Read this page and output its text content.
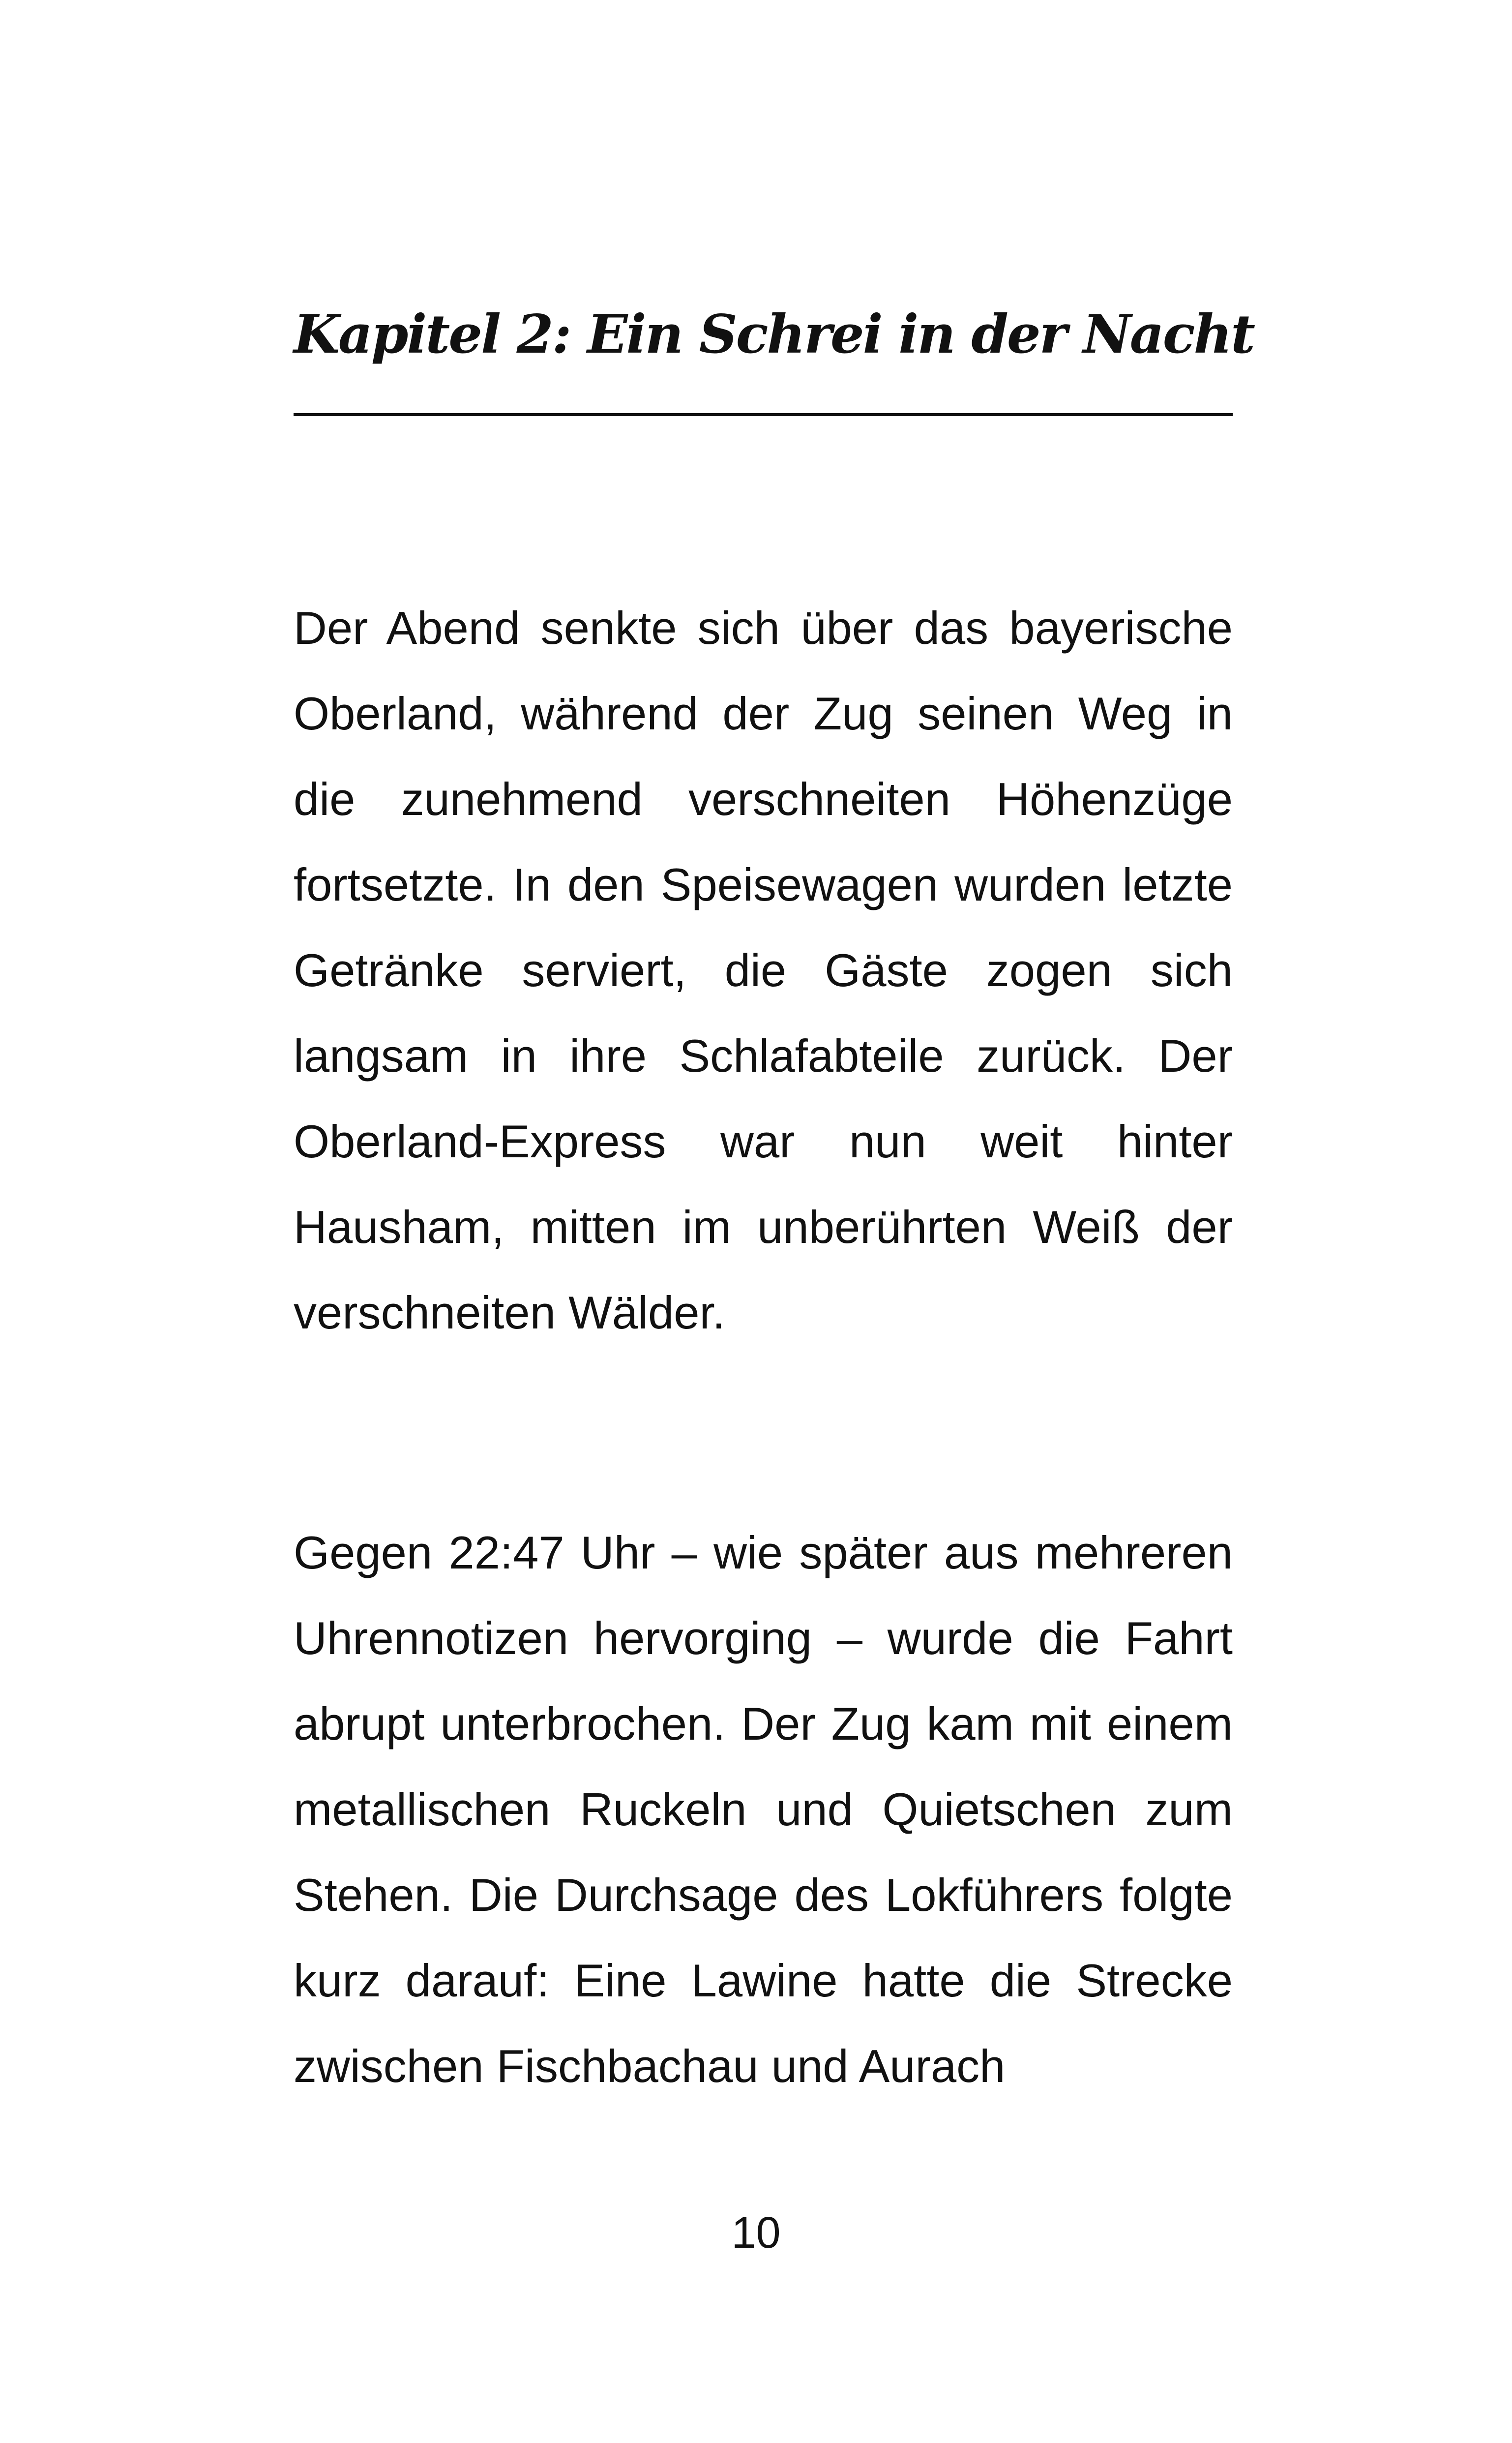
Kapitel 2: Ein Schrei in der Nacht

Der Abend senkte sich über das bayerische Oberland, während der Zug seinen Weg in die zunehmend verschneiten Höhenzüge fortsetzte. In den Speisewagen wurden letzte Getränke serviert, die Gäste zogen sich langsam in ihre Schlafabteile zurück. Der Oberland-Express war nun weit hinter Hausham, mitten im unberührten Weiß der verschneiten Wälder.

Gegen 22:47 Uhr – wie später aus mehreren Uhrennotizen hervorging – wurde die Fahrt abrupt unterbrochen. Der Zug kam mit einem metallischen Ruckeln und Quietschen zum Stehen. Die Durchsage des Lokführers folgte kurz darauf: Eine Lawine hatte die Strecke zwischen Fischbachau und Aurach

10
